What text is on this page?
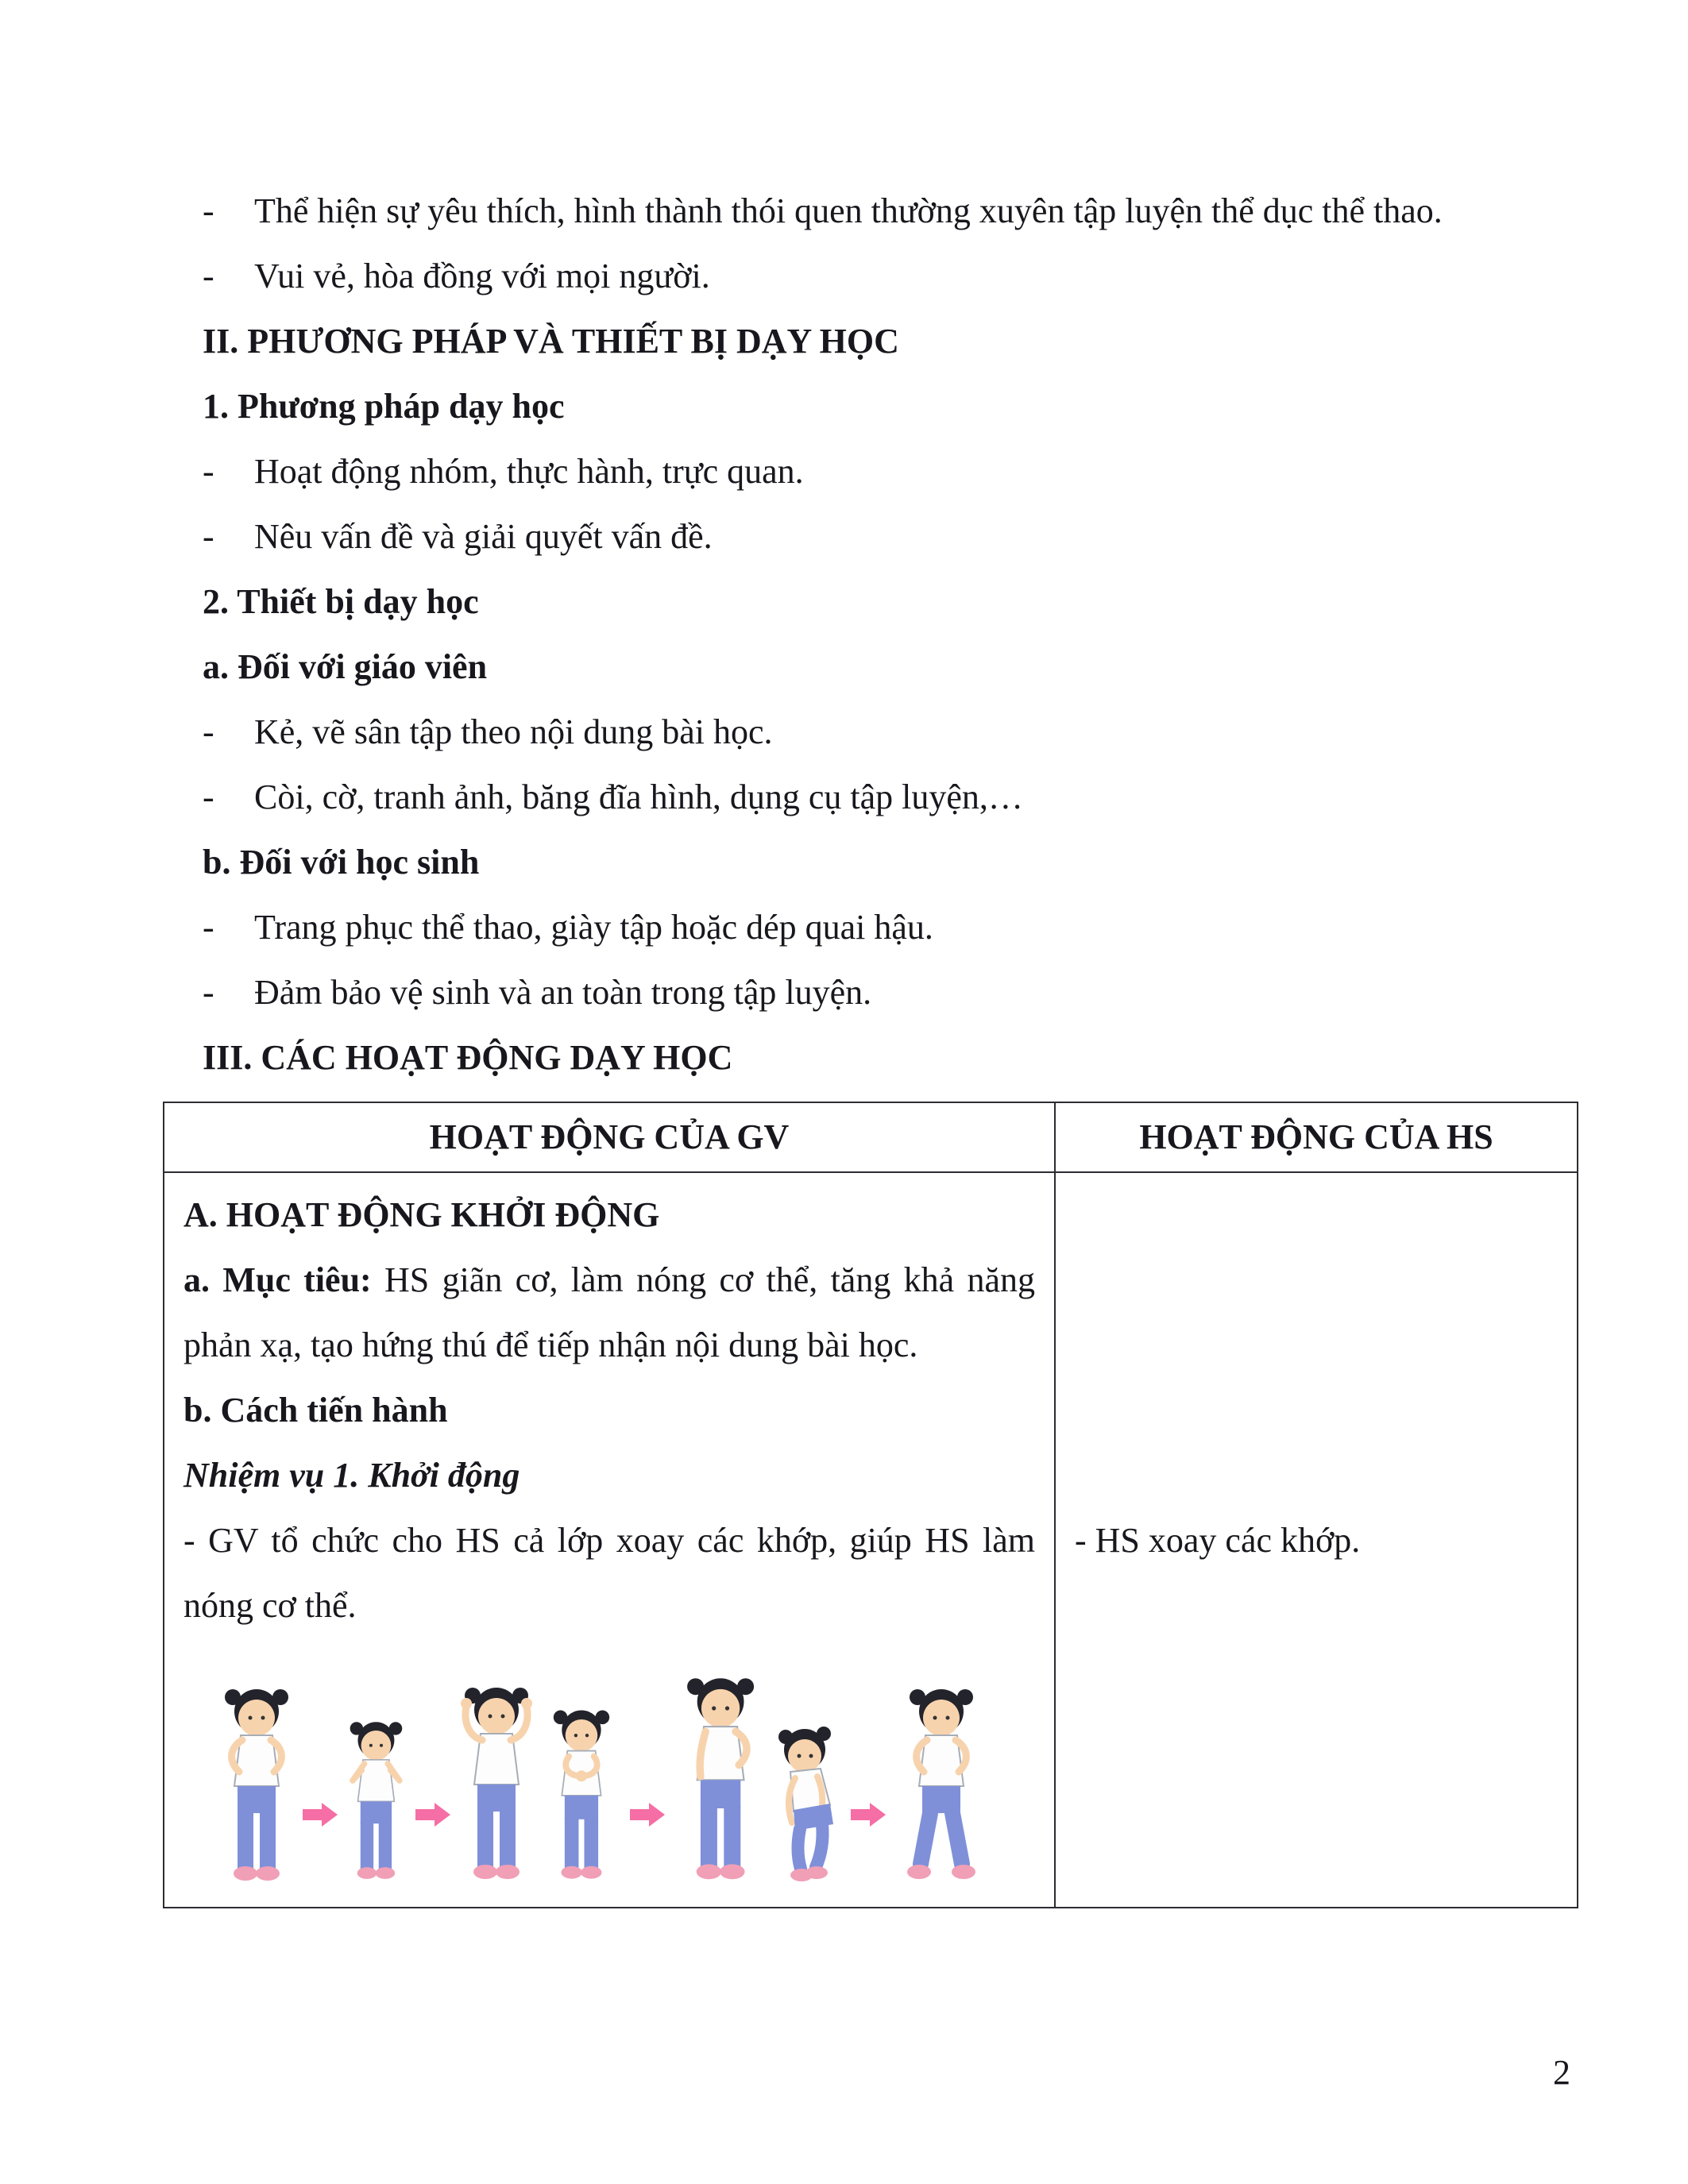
-	Thể hiện sự yêu thích, hình thành thói quen thường xuyên tập luyện thể dục thể thao.

-	Vui vẻ, hòa đồng với mọi người.

II. PHƯƠNG PHÁP VÀ THIẾT BỊ DẠY HỌC
1. Phương pháp dạy học
-	Hoạt động nhóm, thực hành, trực quan.

-	Nêu vấn đề và giải quyết vấn đề.

2. Thiết bị dạy học
a. Đối với giáo viên
-	Kẻ, vẽ sân tập theo nội dung bài học.

-	Còi, cờ, tranh ảnh, băng đĩa hình, dụng cụ tập luyện,…

b. Đối với học sinh
-	Trang phục thể thao, giày tập hoặc dép quai hậu.

-	Đảm bảo vệ sinh và an toàn trong tập luyện.

III. CÁC HOẠT ĐỘNG DẠY HỌC
HOẠT ĐỘNG CỦA GV	HOẠT ĐỘNG CỦA HS

A. HOẠT ĐỘNG KHỞI ĐỘNG

a. Mục tiêu: HS giãn cơ, làm nóng cơ thể, tăng khả năng phản xạ, tạo hứng thú để tiếp nhận nội dung bài học.

b. Cách tiến hành

Nhiệm vụ 1. Khởi động

- GV tổ chức cho HS cả lớp xoay các khớp, giúp HS làm nóng cơ thể.	- HS xoay các khớp.

2
